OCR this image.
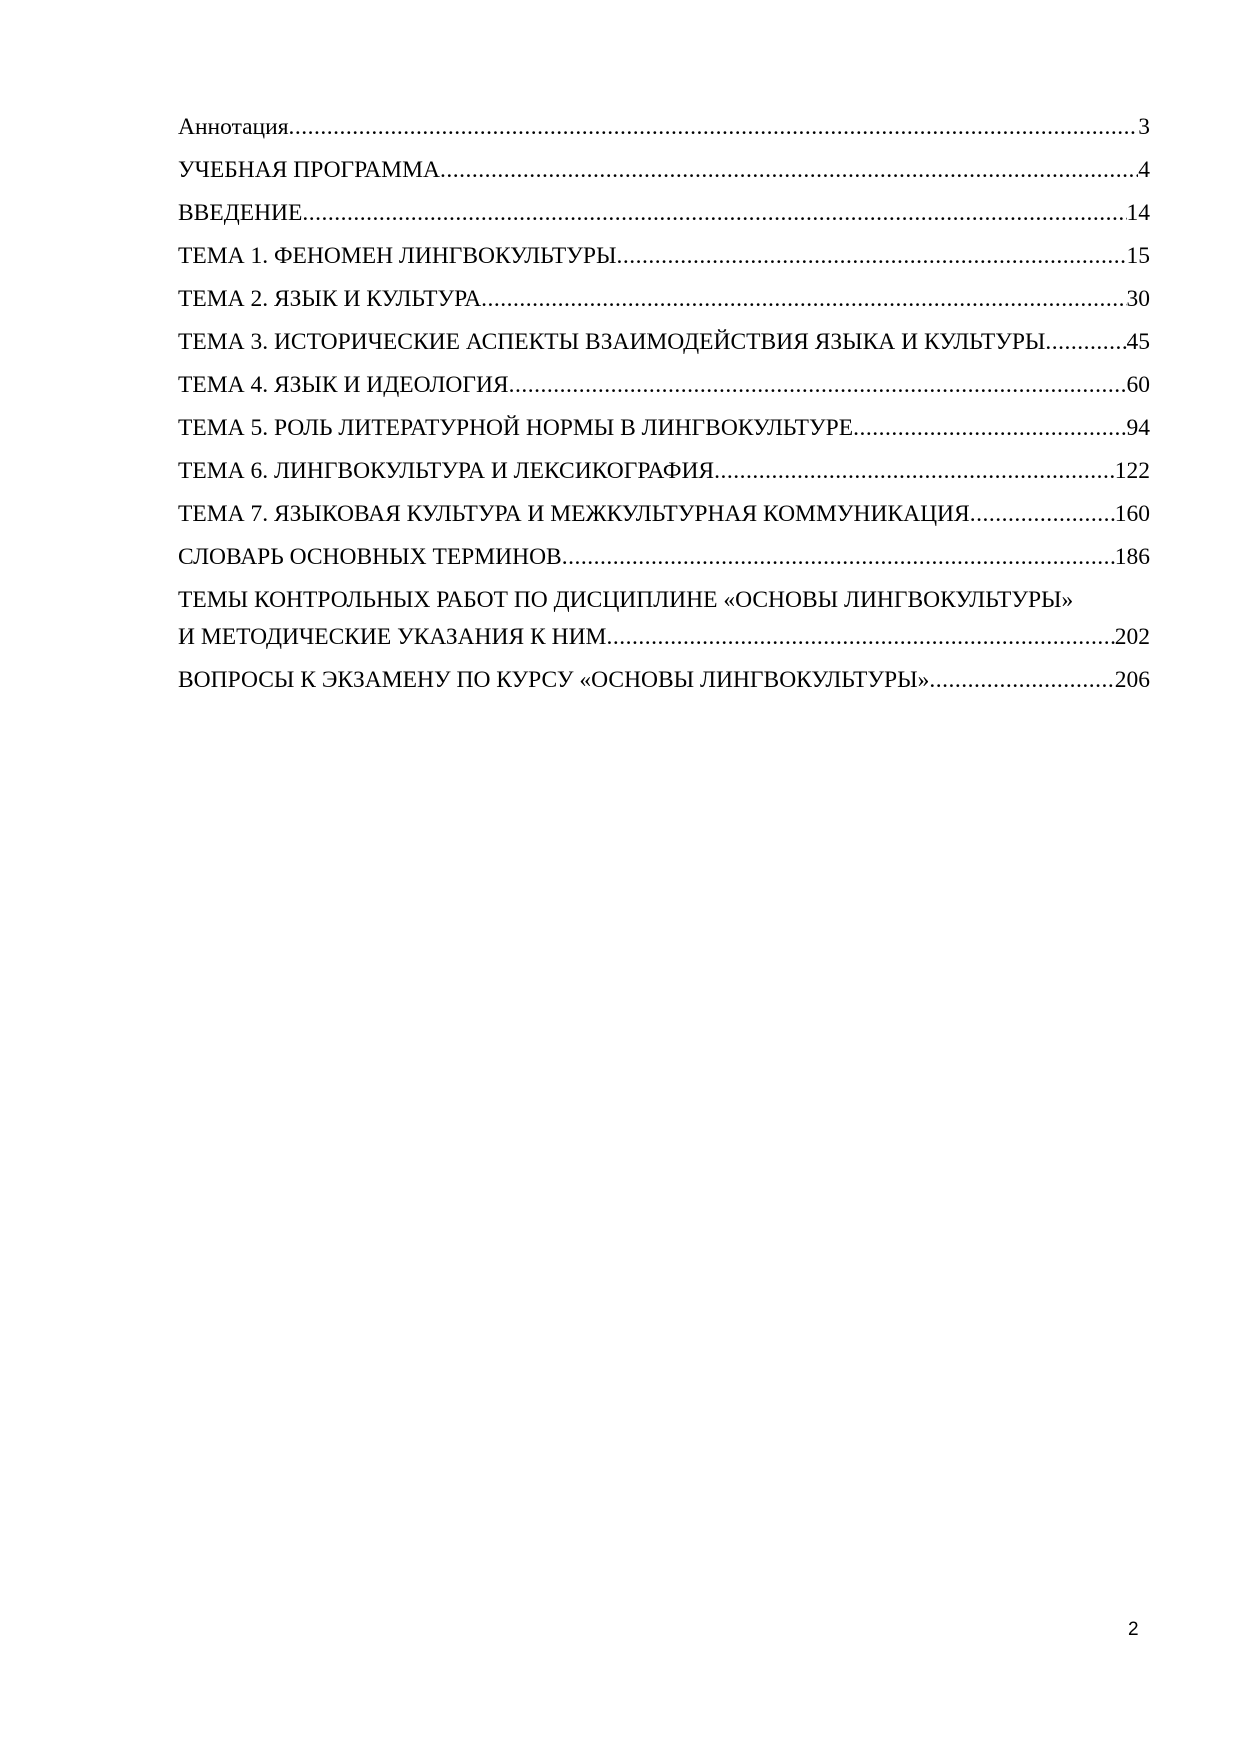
Аннотация .....	3
УЧЕБНАЯ ПРОГРАММА .....	4
ВВЕДЕНИЕ .....	14
ТЕМА 1. ФЕНОМЕН ЛИНГВОКУЛЬТУРЫ .....	15
ТЕМА 2. ЯЗЫК И КУЛЬТУРА .....	30
ТЕМА 3. ИСТОРИЧЕСКИЕ АСПЕКТЫ ВЗАИМОДЕЙСТВИЯ ЯЗЫКА И КУЛЬТУРЫ .....	45
ТЕМА 4. ЯЗЫК И ИДЕОЛОГИЯ .....	60
ТЕМА 5. РОЛЬ ЛИТЕРАТУРНОЙ НОРМЫ В ЛИНГВОКУЛЬТУРЕ .....	94
ТЕМА 6. ЛИНГВОКУЛЬТУРА И ЛЕКСИКОГРАФИЯ .....	122
ТЕМА 7. ЯЗЫКОВАЯ КУЛЬТУРА И МЕЖКУЛЬТУРНАЯ КОММУНИКАЦИЯ .....	160
СЛОВАРЬ ОСНОВНЫХ ТЕРМИНОВ .....	186
ТЕМЫ КОНТРОЛЬНЫХ РАБОТ ПО ДИСЦИПЛИНЕ «ОСНОВЫ ЛИНГВОКУЛЬТУРЫ»
И МЕТОДИЧЕСКИЕ УКАЗАНИЯ К НИМ .....	202
ВОПРОСЫ К ЭКЗАМЕНУ ПО КУРСУ «ОСНОВЫ ЛИНГВОКУЛЬТУРЫ» .....	206
2
